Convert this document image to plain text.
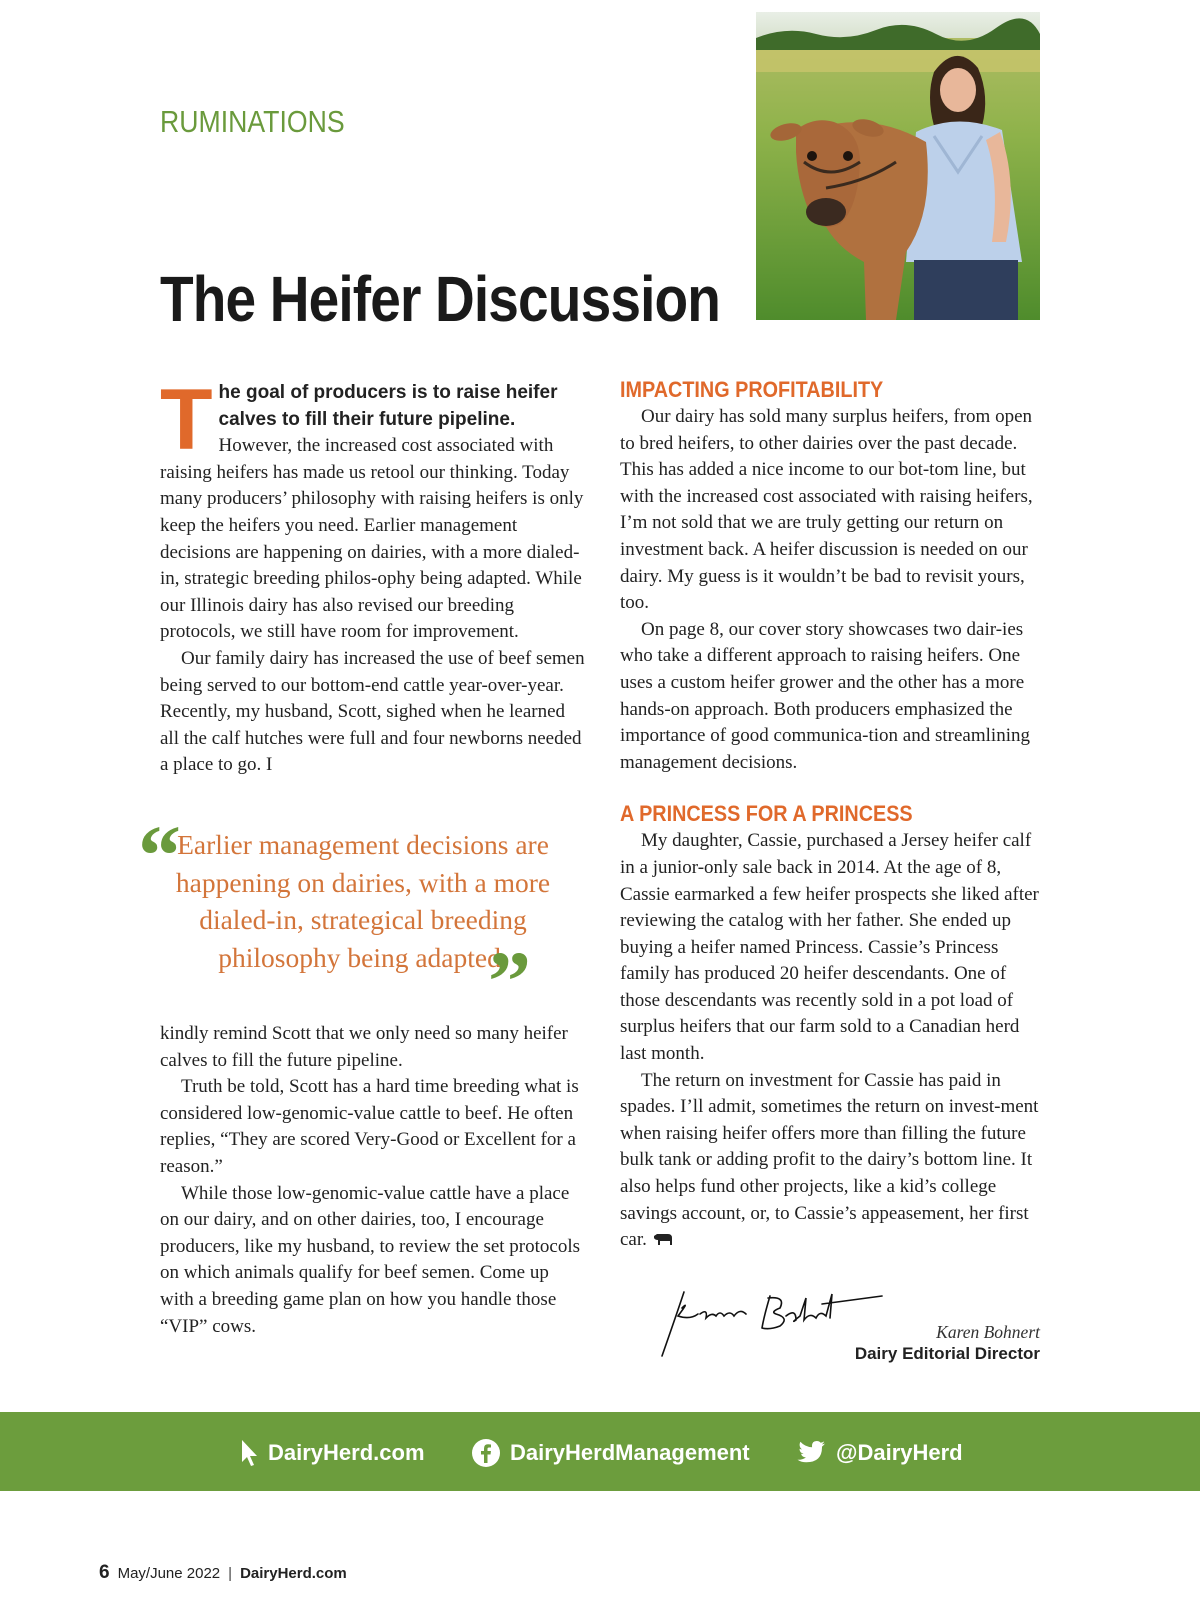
RUMINATIONS
The Heifer Discussion

T he goal of producers is to raise heifer calves to fill their future pipeline. However, the increased cost associated with raising heifers has made us retool our thinking. Today many producers’ philosophy with raising heifers is only keep the heifers you need. Earlier management decisions are happening on dairies, with a more dialed-in, strategic breeding philos-ophy being adapted. While our Illinois dairy has also revised our breeding protocols, we still have room for improvement.

Our family dairy has increased the use of beef semen being served to our bottom-end cattle year-over-year. Recently, my husband, Scott, sighed when he learned all the calf hutches were full and four newborns needed a place to go. I

“
Earlier management decisions are happening on dairies, with a more dialed-in, strategical breeding philosophy being adapted.
”

kindly remind Scott that we only need so many heifer calves to fill the future pipeline.

Truth be told, Scott has a hard time breeding what is considered low-genomic-value cattle to beef. He often replies, “They are scored Very-Good or Excellent for a reason.”

While those low-genomic-value cattle have a place on our dairy, and on other dairies, too, I encourage producers, like my husband, to review the set protocols on which animals qualify for beef semen. Come up with a breeding game plan on how you handle those “VIP” cows.

IMPACTING PROFITABILITY

Our dairy has sold many surplus heifers, from open to bred heifers, to other dairies over the past decade. This has added a nice income to our bot-tom line, but with the increased cost associated with raising heifers, I’m not sold that we are truly getting our return on investment back. A heifer discussion is needed on our dairy. My guess is it wouldn’t be bad to revisit yours, too.

On page 8, our cover story showcases two dair-ies who take a different approach to raising heifers. One uses a custom heifer grower and the other has a more hands-on approach. Both producers emphasized the importance of good communica-tion and streamlining management decisions.

A PRINCESS FOR A PRINCESS

My daughter, Cassie, purchased a Jersey heifer calf in a junior-only sale back in 2014. At the age of 8, Cassie earmarked a few heifer prospects she liked after reviewing the catalog with her father. She ended up buying a heifer named Princess. Cassie’s Princess family has produced 20 heifer descendants. One of those descendants was recently sold in a pot load of surplus heifers that our farm sold to a Canadian herd last month.

The return on investment for Cassie has paid in spades. I’ll admit, sometimes the return on invest-ment when raising heifer offers more than filling the future bulk tank or adding profit to the dairy’s bottom line. It also helps fund other projects, like a kid’s college savings account, or, to Cassie’s appeasement, her first car.

Karen Bohnert
Dairy Editorial Director
DairyHerd.com	DairyHerdManagement	@DairyHerd
6 May/June 2022 | DairyHerd.com
